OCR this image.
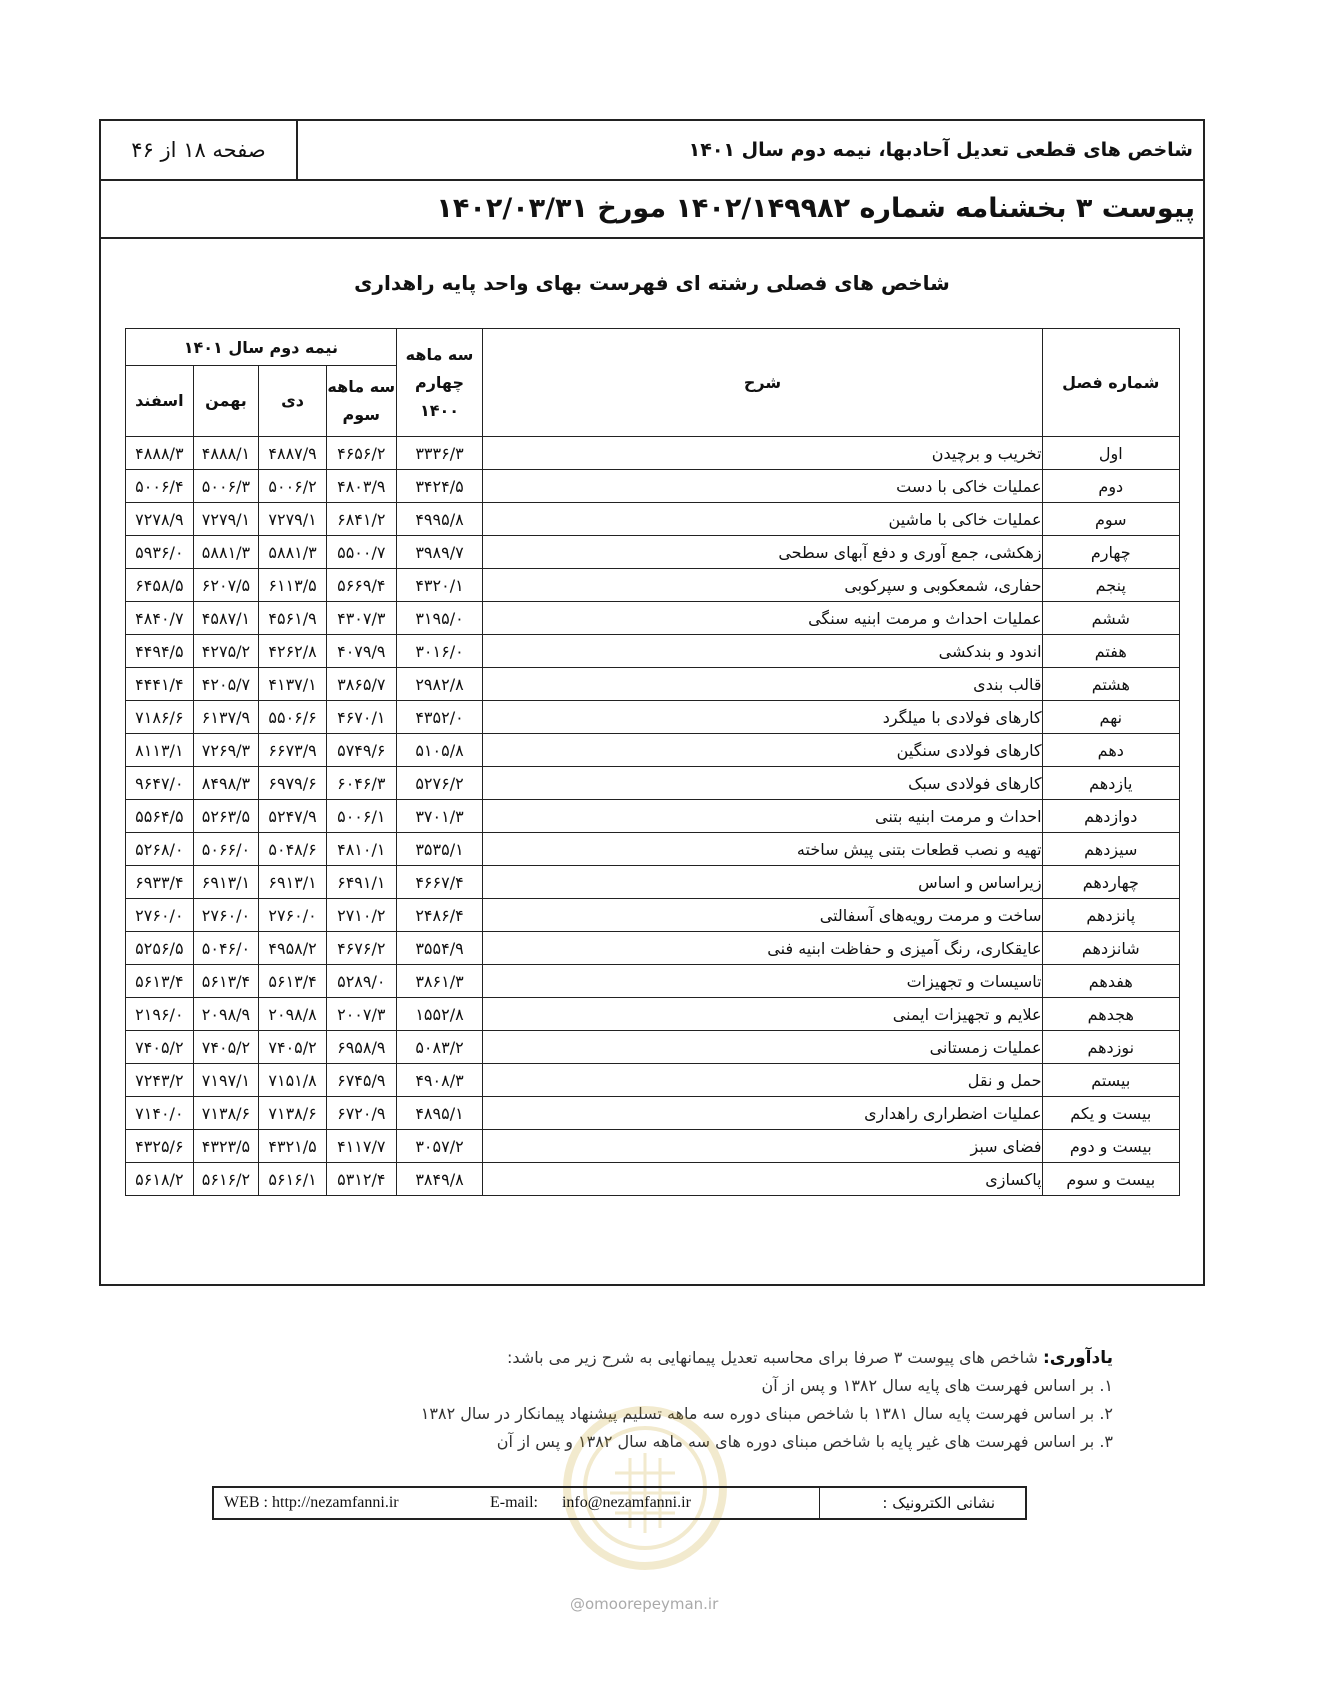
شاخص های قطعی تعدیل آحادبها، نیمه دوم سال ۱۴۰۱
صفحه ۱۸ از ۴۶
پیوست ۳ بخشنامه شماره ۱۴۰۲/۱۴۹۹۸۲ مورخ ۱۴۰۲/۰۳/۳۱
شاخص های فصلی رشته ای فهرست بهای واحد پایه راهداری
شماره فصل	شرح	سه ماهه چهارم ۱۴۰۰	نیمه دوم سال ۱۴۰۱			
			سه ماهه سوم	دی	بهمن	اسفند
اول	تخریب و برچیدن	۳۳۳۶/۳	۴۶۵۶/۲	۴۸۸۷/۹	۴۸۸۸/۱	۴۸۸۸/۳
دوم	عملیات خاکی با دست	۳۴۲۴/۵	۴۸۰۳/۹	۵۰۰۶/۲	۵۰۰۶/۳	۵۰۰۶/۴
سوم	عملیات خاکی با ماشین	۴۹۹۵/۸	۶۸۴۱/۲	۷۲۷۹/۱	۷۲۷۹/۱	۷۲۷۸/۹
چهارم	زهکشی، جمع آوری و دفع آبهای سطحی	۳۹۸۹/۷	۵۵۰۰/۷	۵۸۸۱/۳	۵۸۸۱/۳	۵۹۳۶/۰
پنجم	حفاری، شمعکوبی و سپرکوبی	۴۳۲۰/۱	۵۶۶۹/۴	۶۱۱۳/۵	۶۲۰۷/۵	۶۴۵۸/۵
ششم	عملیات احداث و مرمت ابنیه سنگی	۳۱۹۵/۰	۴۳۰۷/۳	۴۵۶۱/۹	۴۵۸۷/۱	۴۸۴۰/۷
هفتم	اندود و بندکشی	۳۰۱۶/۰	۴۰۷۹/۹	۴۲۶۲/۸	۴۲۷۵/۲	۴۴۹۴/۵
هشتم	قالب بندی	۲۹۸۲/۸	۳۸۶۵/۷	۴۱۳۷/۱	۴۲۰۵/۷	۴۴۴۱/۴
نهم	کارهای فولادی با میلگرد	۴۳۵۲/۰	۴۶۷۰/۱	۵۵۰۶/۶	۶۱۳۷/۹	۷۱۸۶/۶
دهم	کارهای فولادی سنگین	۵۱۰۵/۸	۵۷۴۹/۶	۶۶۷۳/۹	۷۲۶۹/۳	۸۱۱۳/۱
یازدهم	کارهای فولادی سبک	۵۲۷۶/۲	۶۰۴۶/۳	۶۹۷۹/۶	۸۴۹۸/۳	۹۶۴۷/۰
دوازدهم	احداث و مرمت ابنیه بتنی	۳۷۰۱/۳	۵۰۰۶/۱	۵۲۴۷/۹	۵۲۶۳/۵	۵۵۶۴/۵
سیزدهم	تهیه و نصب قطعات بتنی پیش ساخته	۳۵۳۵/۱	۴۸۱۰/۱	۵۰۴۸/۶	۵۰۶۶/۰	۵۲۶۸/۰
چهاردهم	زیراساس و اساس	۴۶۶۷/۴	۶۴۹۱/۱	۶۹۱۳/۱	۶۹۱۳/۱	۶۹۳۳/۴
پانزدهم	ساخت و مرمت رویه‌های آسفالتی	۲۴۸۶/۴	۲۷۱۰/۲	۲۷۶۰/۰	۲۷۶۰/۰	۲۷۶۰/۰
شانزدهم	عایقکاری، رنگ آمیزی و حفاظت ابنیه فنی	۳۵۵۴/۹	۴۶۷۶/۲	۴۹۵۸/۲	۵۰۴۶/۰	۵۲۵۶/۵
هفدهم	تاسیسات و تجهیزات	۳۸۶۱/۳	۵۲۸۹/۰	۵۶۱۳/۴	۵۶۱۳/۴	۵۶۱۳/۴
هجدهم	علایم و تجهیزات ایمنی	۱۵۵۲/۸	۲۰۰۷/۳	۲۰۹۸/۸	۲۰۹۸/۹	۲۱۹۶/۰
نوزدهم	عملیات زمستانی	۵۰۸۳/۲	۶۹۵۸/۹	۷۴۰۵/۲	۷۴۰۵/۲	۷۴۰۵/۲
بیستم	حمل و نقل	۴۹۰۸/۳	۶۷۴۵/۹	۷۱۵۱/۸	۷۱۹۷/۱	۷۲۴۳/۲
بیست و یکم	عملیات اضطراری راهداری	۴۸۹۵/۱	۶۷۲۰/۹	۷۱۳۸/۶	۷۱۳۸/۶	۷۱۴۰/۰
بیست و دوم	فضای سبز	۳۰۵۷/۲	۴۱۱۷/۷	۴۳۲۱/۵	۴۳۲۳/۵	۴۳۲۵/۶
بیست و سوم	پاکسازی	۳۸۴۹/۸	۵۳۱۲/۴	۵۶۱۶/۱	۵۶۱۶/۲	۵۶۱۸/۲
یادآوری: شاخص های پیوست ۳ صرفا برای محاسبه تعدیل پیمانهایی به شرح زیر می باشد:
۱. بر اساس فهرست های پایه سال ۱۳۸۲ و پس از آن
۲. بر اساس فهرست پایه سال ۱۳۸۱ با شاخص مبنای دوره سه ماهه تسلیم پیشنهاد پیمانکار در سال ۱۳۸۲
۳. بر اساس فهرست های غیر پایه با شاخص مبنای دوره های سه ماهه سال ۱۳۸۲ و پس از آن
@omoorepeyman.ir
WEB : http://nezamfanni.ir	E-mail: info@nezamfanni.ir	نشانی الکترونیک :
